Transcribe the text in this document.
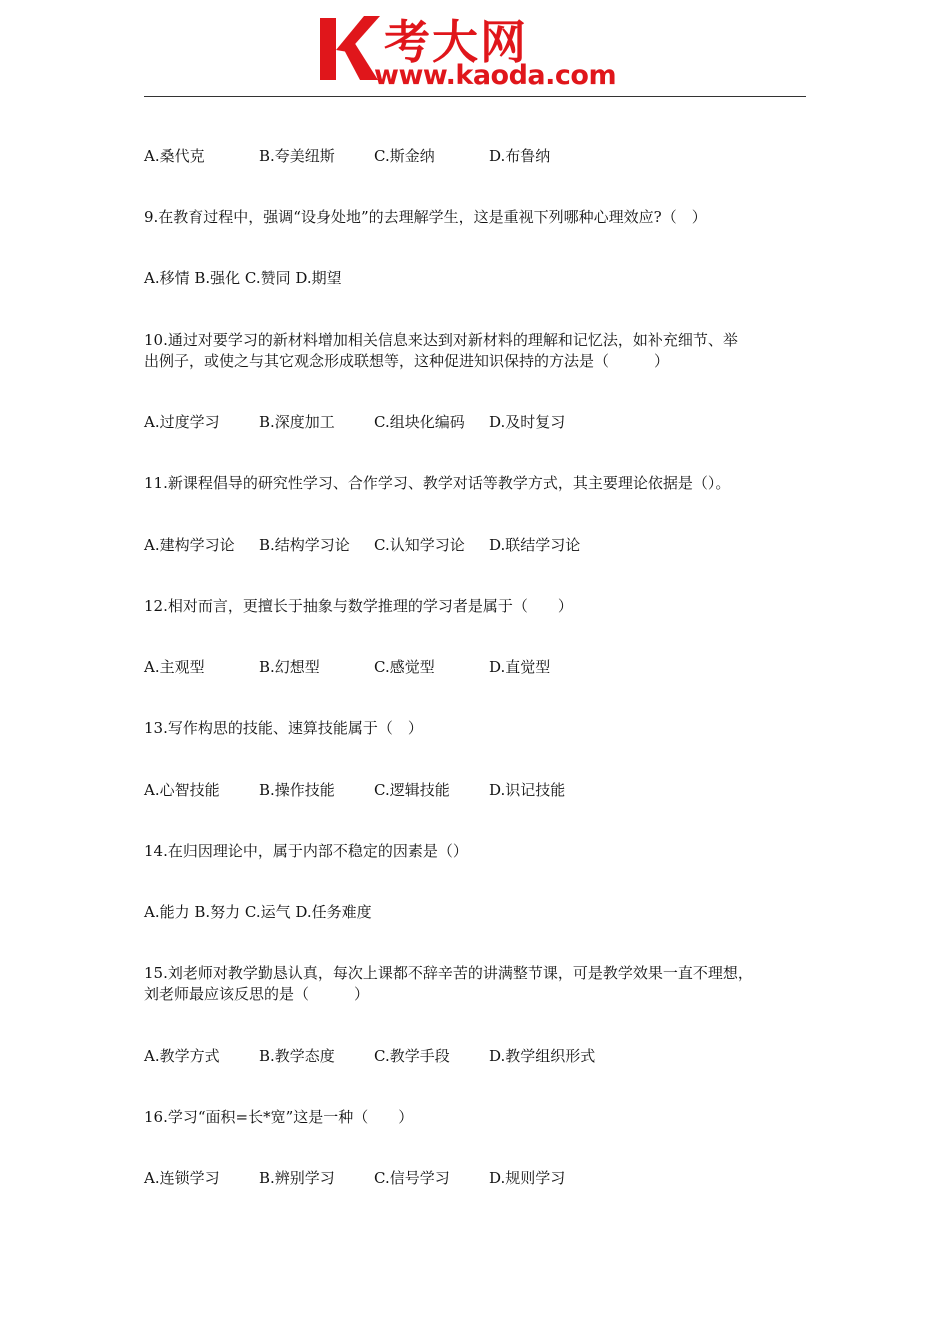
考大网
www.kaoda.com
A.桑代克	B.夸美纽斯	C.斯金纳	D.布鲁纳
9.在教育过程中，强调“设身处地”的去理解学生，这是重视下列哪种心理效应?（　）
A.移情 B.强化 C.赞同 D.期望
10.通过对要学习的新材料增加相关信息来达到对新材料的理解和记忆法，如补充细节、举
出例子，或使之与其它观念形成联想等，这种促进知识保持的方法是（　　　）
A.过度学习	B.深度加工	C.组块化编码 D.及时复习
11.新课程倡导的研究性学习、合作学习、教学对话等教学方式，其主要理论依据是（）。
A.建构学习论 B.结构学习论 C.认知学习论 D.联结学习论
12.相对而言，更擅长于抽象与数学推理的学习者是属于（　　）
A.主观型	B.幻想型	C.感觉型	D.直觉型
13.写作构思的技能、速算技能属于（　）
A.心智技能	B.操作技能	C.逻辑技能	D.识记技能
14.在归因理论中，属于内部不稳定的因素是（）
A.能力 B.努力 C.运气 D.任务难度
15.刘老师对教学勤恳认真，每次上课都不辞辛苦的讲满整节课，可是教学效果一直不理想，
刘老师最应该反思的是（　　　）
A.教学方式	B.教学态度	C.教学手段	D.教学组织形式
16.学习“面积=长*宽”这是一种（　　）
A.连锁学习	B.辨别学习	C.信号学习	D.规则学习
